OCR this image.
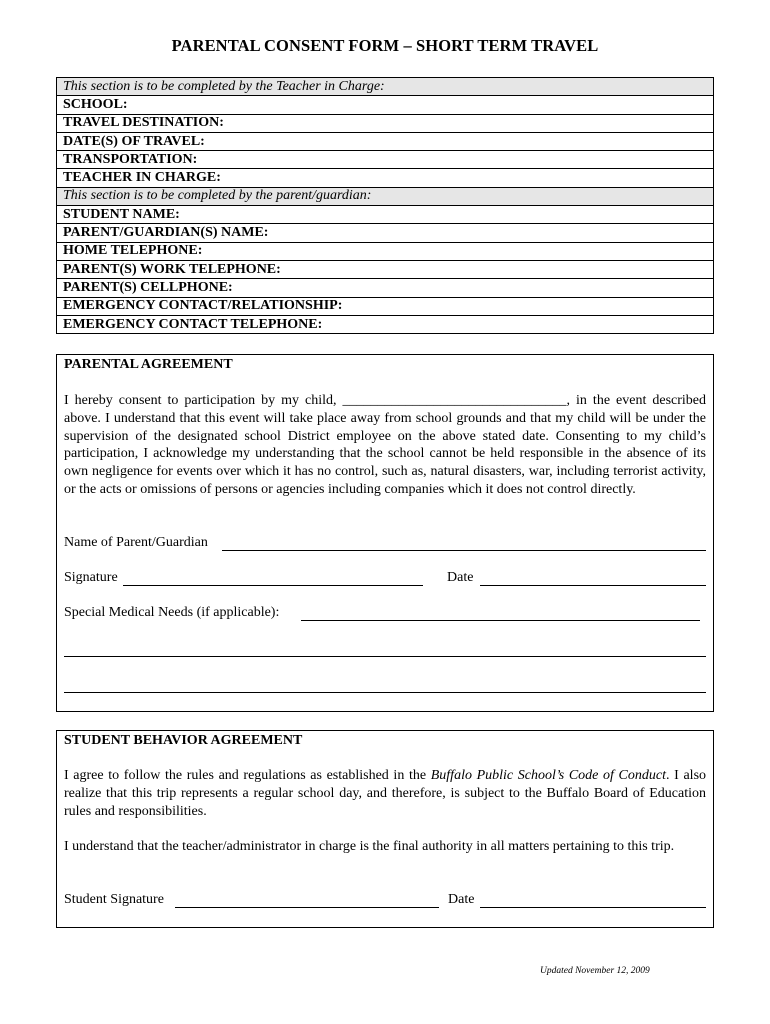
PARENTAL CONSENT FORM – SHORT TERM TRAVEL
This section is to be completed by the Teacher in Charge:
SCHOOL:
TRAVEL DESTINATION:
DATE(S) OF TRAVEL:
TRANSPORTATION:
TEACHER IN CHARGE:
This section is to be completed by the parent/guardian:
STUDENT NAME:
PARENT/GUARDIAN(S) NAME:
HOME TELEPHONE:
PARENT(S) WORK TELEPHONE:
PARENT(S) CELLPHONE:
EMERGENCY CONTACT/RELATIONSHIP:
EMERGENCY CONTACT TELEPHONE:
PARENTAL AGREEMENT
I hereby consent to participation by my child, ________________________________, in the event described above. I understand that this event will take place away from school grounds and that my child will be under the supervision of the designated school District employee on the above stated date. Consenting to my child’s participation, I acknowledge my understanding that the school cannot be held responsible in the absence of its own negligence for events over which it has no control, such as, natural disasters, war, including terrorist activity, or the acts or omissions of persons or agencies including companies which it does not control directly.
Name of Parent/Guardian
Signature	Date
Special Medical Needs (if applicable):
STUDENT BEHAVIOR AGREEMENT
I agree to follow the rules and regulations as established in the Buffalo Public School’s Code of Conduct. I also realize that this trip represents a regular school day, and therefore, is subject to the Buffalo Board of Education rules and responsibilities.
I understand that the teacher/administrator in charge is the final authority in all matters pertaining to this trip.
Student Signature	Date
Updated November 12, 2009
